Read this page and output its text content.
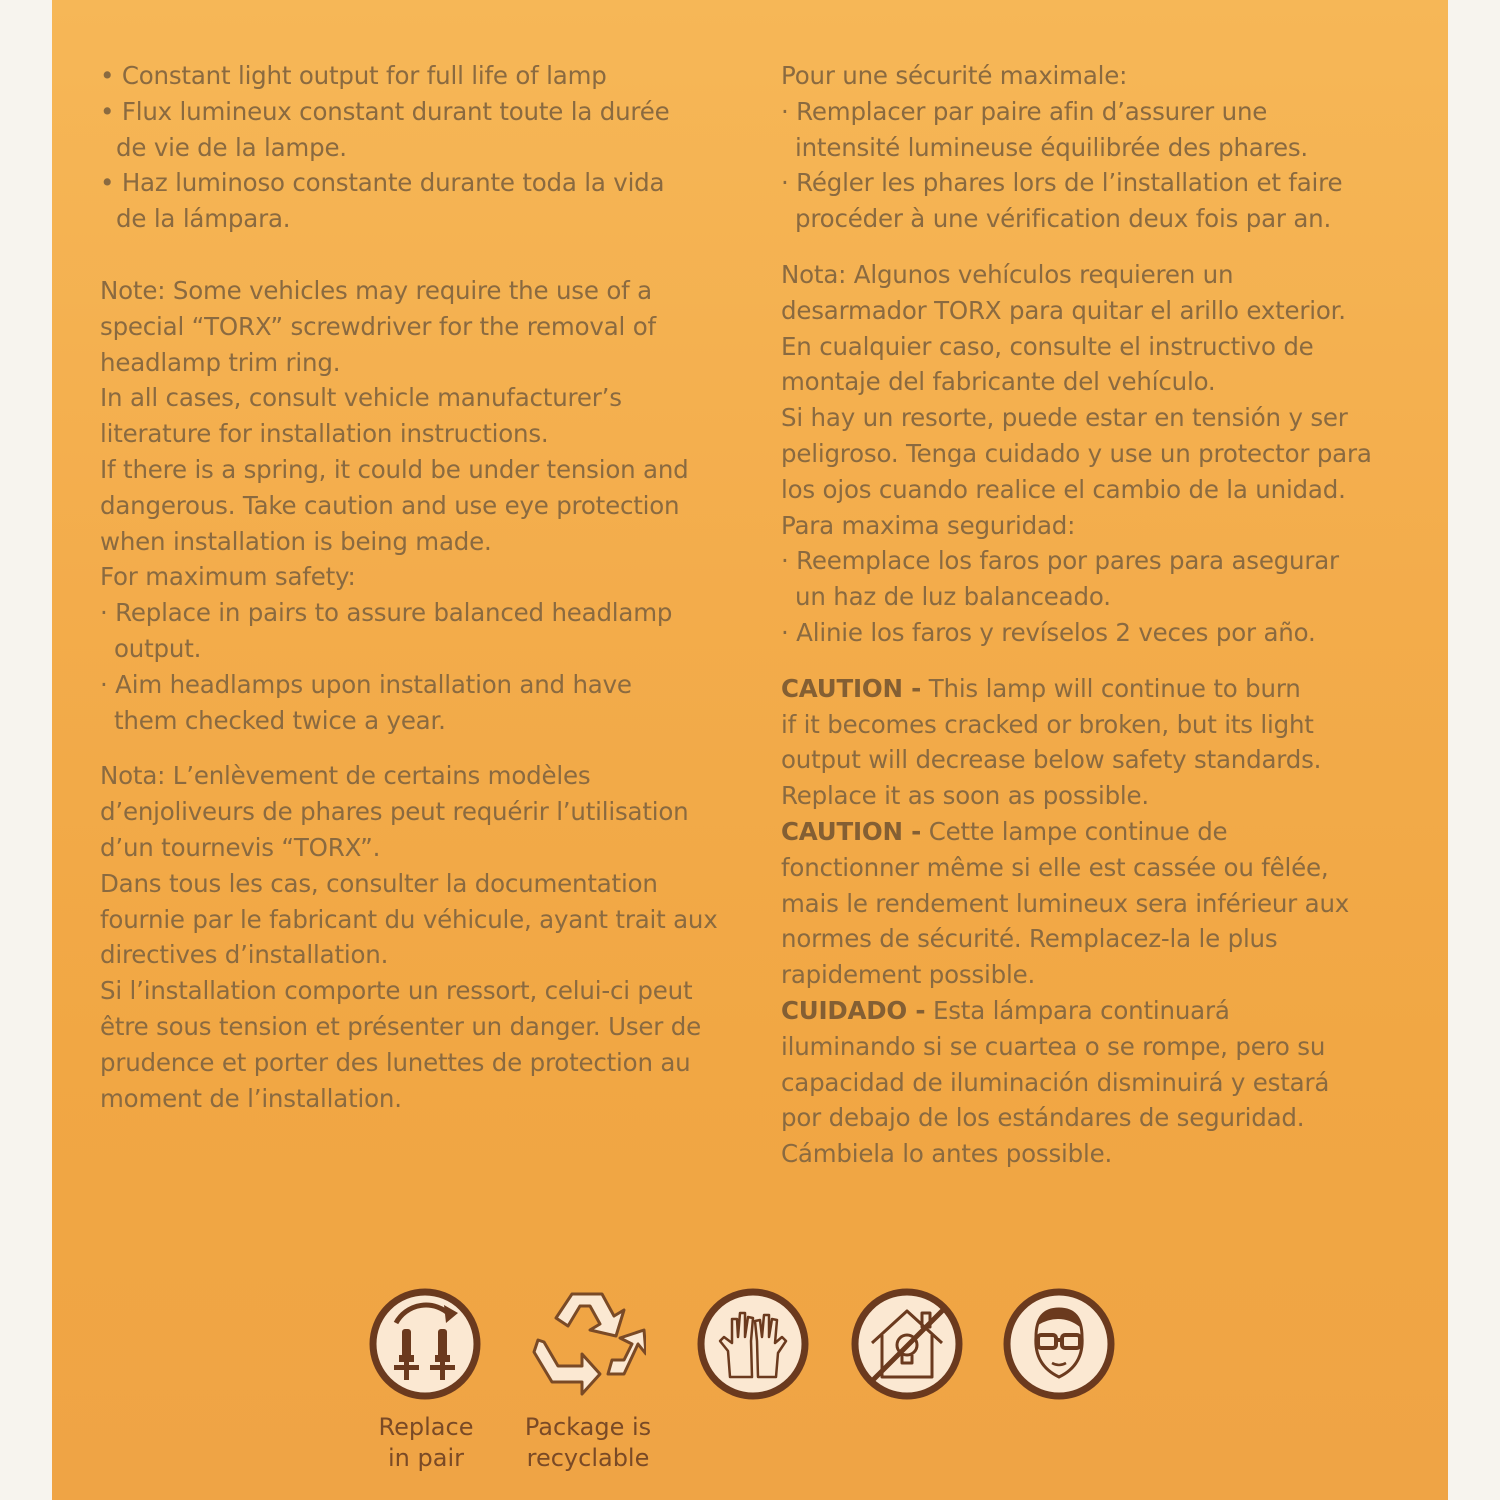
• Constant light output for full life of lamp
• Flux lumineux constant durant toute la durée
de vie de la lampe.
• Haz luminoso constante durante toda la vida
de la lámpara.
Note: Some vehicles may require the use of a
special “TORX” screwdriver for the removal of
headlamp trim ring.
In all cases, consult vehicle manufacturer’s
literature for installation instructions.
If there is a spring, it could be under tension and
dangerous. Take caution and use eye protection
when installation is being made.
For maximum safety:
· Replace in pairs to assure balanced headlamp
output.
· Aim headlamps upon installation and have
them checked twice a year.
Nota: L’enlèvement de certains modèles
d’enjoliveurs de phares peut requérir l’utilisation
d’un tournevis “TORX”.
Dans tous les cas, consulter la documentation
fournie par le fabricant du véhicule, ayant trait aux
directives d’installation.
Si l’installation comporte un ressort, celui-ci peut
être sous tension et présenter un danger. User de
prudence et porter des lunettes de protection au
moment de l’installation.
Pour une sécurité maximale:
· Remplacer par paire afin d’assurer une
intensité lumineuse équilibrée des phares.
· Régler les phares lors de l’installation et faire
procéder à une vérification deux fois par an.
Nota: Algunos vehículos requieren un
desarmador TORX para quitar el arillo exterior.
En cualquier caso, consulte el instructivo de
montaje del fabricante del vehículo.
Si hay un resorte, puede estar en tensión y ser
peligroso. Tenga cuidado y use un protector para
los ojos cuando realice el cambio de la unidad.
Para maxima seguridad:
· Reemplace los faros por pares para asegurar
un haz de luz balanceado.
· Alinie los faros y revíselos 2 veces por año.
CAUTION - This lamp will continue to burn
if it becomes cracked or broken, but its light
output will decrease below safety standards.
Replace it as soon as possible.
CAUTION - Cette lampe continue de
fonctionner même si elle est cassée ou fêlée,
mais le rendement lumineux sera inférieur aux
normes de sécurité. Remplacez-la le plus
rapidement possible.
CUIDADO - Esta lámpara continuará
iluminando si se cuartea o se rompe, pero su
capacidad de iluminación disminuirá y estará
por debajo de los estándares de seguridad.
Cámbiela lo antes possible.
Replace
in pair
Package is
recyclable
